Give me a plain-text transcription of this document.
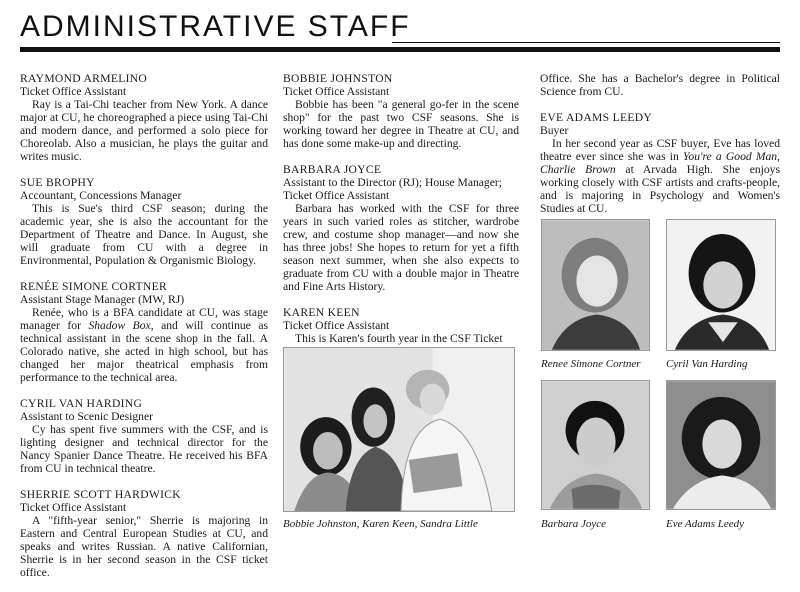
ADMINISTRATIVE STAFF
RAYMOND ARMELINO
Ticket Office Assistant
Ray is a Tai-Chi teacher from New York. A dance major at CU, he choreographed a piece using Tai-Chi and modern dance, and performed a solo piece for Choreolab. Also a musician, he plays the guitar and writes music.
SUE BROPHY
Accountant, Concessions Manager
This is Sue's third CSF season; during the academic year, she is also the accountant for the Department of Theatre and Dance. In August, she will graduate from CU with a degree in Environmental, Population & Organismic Biology.
RENÉE SIMONE CORTNER
Assistant Stage Manager (MW, RJ)
Renée, who is a BFA candidate at CU, was stage manager for Shadow Box, and will continue as technical assistant in the scene shop in the fall. A Colorado native, she acted in high school, but has changed her major theatrical emphasis from performance to the technical area.
CYRIL VAN HARDING
Assistant to Scenic Designer
Cy has spent five summers with the CSF, and is lighting designer and technical director for the Nancy Spanier Dance Theatre. He received his BFA from CU in technical theatre.
SHERRIE SCOTT HARDWICK
Ticket Office Assistant
A "fifth-year senior," Sherrie is majoring in Eastern and Central European Studies at CU, and speaks and writes Russian. A native Californian, Sherrie is in her second season in the CSF ticket office.
BOBBIE JOHNSTON
Ticket Office Assistant
Bobbie has been "a general go-fer in the scene shop" for the past two CSF seasons. She is working toward her degree in Theatre at CU, and has done some make-up and directing.
BARBARA JOYCE
Assistant to the Director (RJ); House Manager; Ticket Office Assistant
Barbara has worked with the CSF for three years in such varied roles as stitcher, wardrobe crew, and costume shop manager—and now she has three jobs! She hopes to return for yet a fifth season next summer, when she also expects to graduate from CU with a double major in Theatre and Fine Arts History.
KAREN KEEN
Ticket Office Assistant
This is Karen's fourth year in the CSF Ticket
Office. She has a Bachelor's degree in Political Science from CU.
EVE ADAMS LEEDY
Buyer
In her second year as CSF buyer, Eve has loved theatre ever since she was in You're a Good Man, Charlie Brown at Arvada High. She enjoys working closely with CSF artists and crafts-people, and is majoring in Psychology and Women's Studies at CU.
Bobbie Johnston, Karen Keen, Sandra Little
Renee Simone Cortner Cyril Van Harding
Barbara Joyce	Eve Adams Leedy
